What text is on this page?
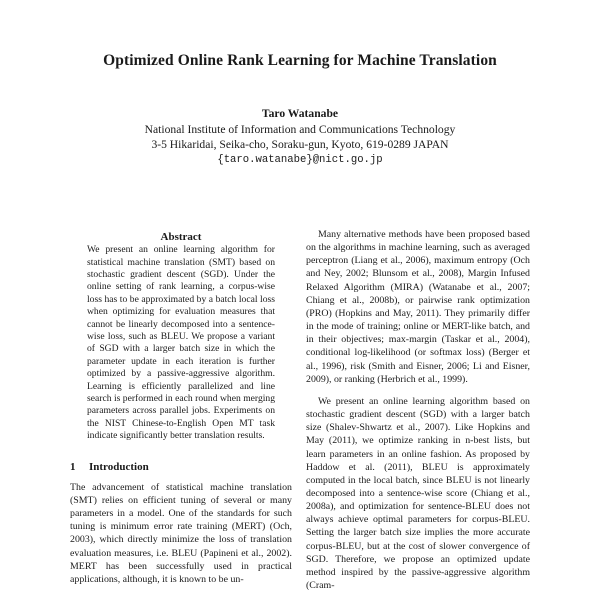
Optimized Online Rank Learning for Machine Translation
Taro Watanabe
National Institute of Information and Communications Technology
3-5 Hikaridai, Seika-cho, Soraku-gun, Kyoto, 619-0289 JAPAN
{taro.watanabe}@nict.go.jp

Abstract

We present an online learning algorithm for statistical machine translation (SMT) based on stochastic gradient descent (SGD). Under the online setting of rank learning, a corpus-wise loss has to be approximated by a batch local loss when optimizing for evaluation measures that cannot be linearly decomposed into a sentence-wise loss, such as BLEU. We propose a variant of SGD with a larger batch size in which the parameter update in each iteration is further optimized by a passive-aggressive algorithm. Learning is efficiently parallelized and line search is performed in each round when merging parameters across parallel jobs. Experiments on the NIST Chinese-to-English Open MT task indicate significantly better translation results.

1 Introduction

The advancement of statistical machine translation (SMT) relies on efficient tuning of several or many parameters in a model. One of the standards for such tuning is minimum error rate training (MERT) (Och, 2003), which directly minimize the loss of translation evaluation measures, i.e. BLEU (Papineni et al., 2002). MERT has been successfully used in practical applications, although, it is known to be un-

Many alternative methods have been proposed based on the algorithms in machine learning, such as averaged perceptron (Liang et al., 2006), maximum entropy (Och and Ney, 2002; Blunsom et al., 2008), Margin Infused Relaxed Algorithm (MIRA) (Watanabe et al., 2007; Chiang et al., 2008b), or pairwise rank optimization (PRO) (Hopkins and May, 2011). They primarily differ in the mode of training; online or MERT-like batch, and in their objectives; max-margin (Taskar et al., 2004), conditional log-likelihood (or softmax loss) (Berger et al., 1996), risk (Smith and Eisner, 2006; Li and Eisner, 2009), or ranking (Herbrich et al., 1999).

We present an online learning algorithm based on stochastic gradient descent (SGD) with a larger batch size (Shalev-Shwartz et al., 2007). Like Hopkins and May (2011), we optimize ranking in n-best lists, but learn parameters in an online fashion. As proposed by Haddow et al. (2011), BLEU is approximately computed in the local batch, since BLEU is not linearly decomposed into a sentence-wise score (Chiang et al., 2008a), and optimization for sentence-BLEU does not always achieve optimal parameters for corpus-BLEU. Setting the larger batch size implies the more accurate corpus-BLEU, but at the cost of slower convergence of SGD. Therefore, we propose an optimized update method inspired by the passive-aggressive algorithm (Cram-
